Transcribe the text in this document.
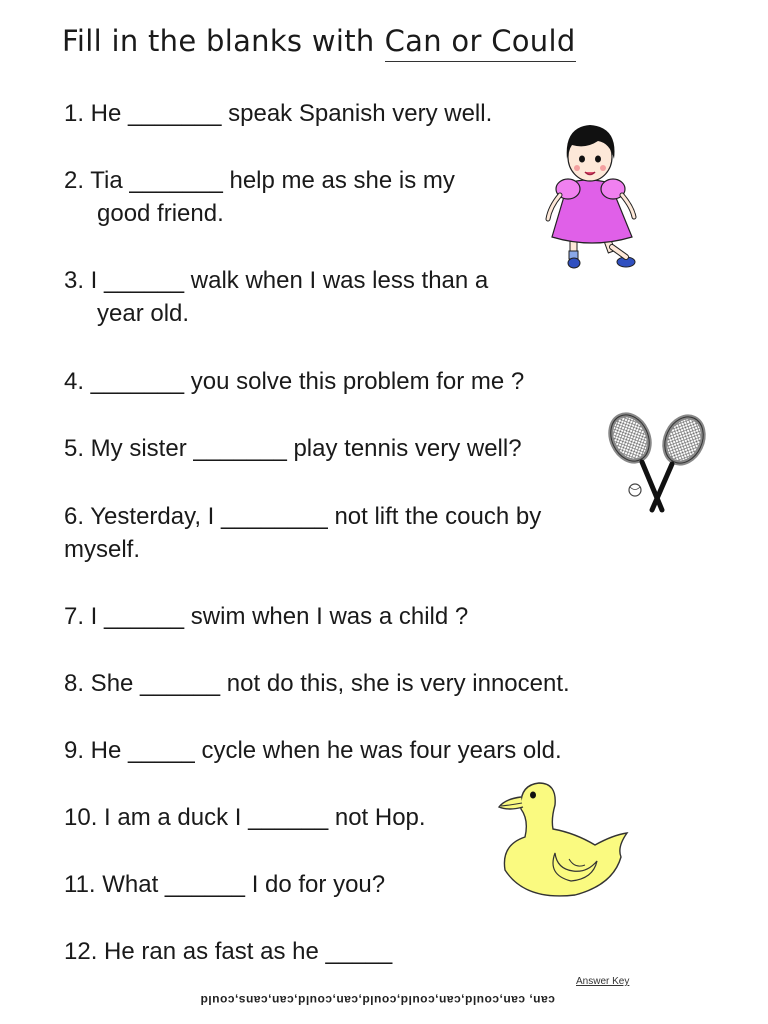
Fill in the blanks with Can or Could
1. He _______ speak Spanish very well.
2. Tia _______ help me as she is my
good friend.
3. I ______ walk when I was less than a
year old.
4. _______ you solve this problem for me ?
5. My sister _______ play tennis very well?
6. Yesterday, I ________ not lift the couch by
myself.
7. I ______ swim when I was a child ?
8. She ______ not do this, she is very innocent.
9. He _____ cycle when he was four years old.
10. I am a duck I ______ not Hop.
11. What ______ I do for you?
12. He ran as fast as he _____
Answer Key
can, can,could,can,could,could,can,could,can,cans,could
